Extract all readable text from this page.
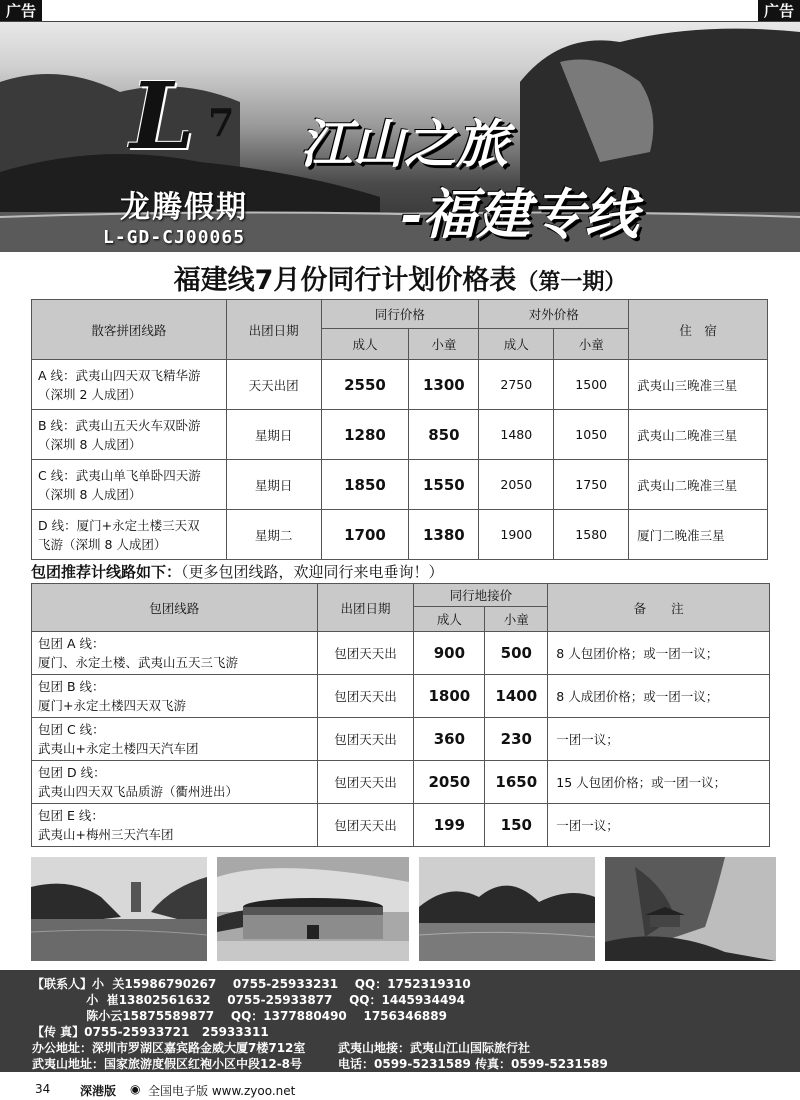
广告	广告
L 7
龙腾假期
L-GD-CJ00065
江山之旅
-福建专线
福建线7月份同行计划价格表（第一期）
散客拼团线路	出团日期	同行价格		对外价格		住　宿
		成人	小童	成人	小童	

A 线：武夷山四天双飞精华游
（深圳 2 人成团）	天天出团	2550	1300	2750	1500	武夷山三晚准三星

B 线：武夷山五天火车双卧游
（深圳 8 人成团）	星期日	1280	850	1480	1050	武夷山二晚准三星

C 线：武夷山单飞单卧四天游
（深圳 8 人成团）	星期日	1850	1550	2050	1750	武夷山二晚准三星

D 线：厦门+永定土楼三天双
飞游（深圳 8 人成团）	星期二	1700	1380	1900	1580	厦门二晚准三星
包团推荐计线路如下：（更多包团线路，欢迎同行来电垂询！）
包团线路	出团日期	同行地接价		备　　注
		成人	小童	

包团 A 线：
厦门、永定土楼、武夷山五天三飞游	包团天天出	900	500	8 人包团价格；或一团一议；

包团 B 线：
厦门+永定土楼四天双飞游	包团天天出	1800	1400	8 人成团价格；或一团一议；

包团 C 线：
武夷山+永定土楼四天汽车团	包团天天出	360	230	一团一议；

包团 D 线：
武夷山四天双飞品质游（衢州进出）	包团天天出	2050	1650	15 人包团价格；或一团一议；

包团 E 线：
武夷山+梅州三天汽车团	包团天天出	199	150	一团一议；
【联系人】小  关15986790267    0755-25933231    QQ：1752319310
小  崔13802561632    0755-25933877    QQ：1445934494
陈小云15875589877    QQ：1377880490    1756346889
【传 真】0755-25933721   25933311
办公地址：深圳市罗湖区嘉宾路金威大厦7楼712室	武夷山地接：武夷山江山国际旅行社
武夷山地址：国家旅游度假区红袍小区中段12-8号	电话：0599-5231589 传真：0599-5231589
34 深港版 ◉ 全国电子版 www.zyoo.net
